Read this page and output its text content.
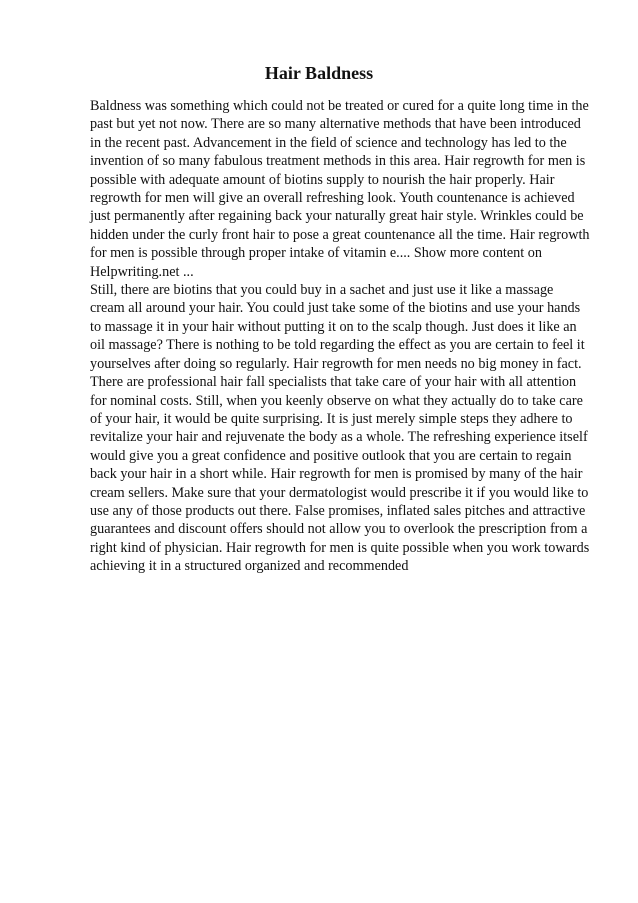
Hair Baldness

Baldness was something which could not be treated or cured for a quite long time in the past but yet not now. There are so many alternative methods that have been introduced in the recent past. Advancement in the field of science and technology has led to the invention of so many fabulous treatment methods in this area. Hair regrowth for men is possible with adequate amount of biotins supply to nourish the hair properly. Hair regrowth for men will give an overall refreshing look. Youth countenance is achieved just permanently after regaining back your naturally great hair style. Wrinkles could be hidden under the curly front hair to pose a great countenance all the time. Hair regrowth for men is possible through proper intake of vitamin e.... Show more content on Helpwriting.net ...

Still, there are biotins that you could buy in a sachet and just use it like a massage cream all around your hair. You could just take some of the biotins and use your hands to massage it in your hair without putting it on to the scalp though. Just does it like an oil massage? There is nothing to be told regarding the effect as you are certain to feel it yourselves after doing so regularly. Hair regrowth for men needs no big money in fact. There are professional hair fall specialists that take care of your hair with all attention for nominal costs. Still, when you keenly observe on what they actually do to take care of your hair, it would be quite surprising. It is just merely simple steps they adhere to revitalize your hair and rejuvenate the body as a whole. The refreshing experience itself would give you a great confidence and positive outlook that you are certain to regain back your hair in a short while. Hair regrowth for men is promised by many of the hair cream sellers. Make sure that your dermatologist would prescribe it if you would like to use any of those products out there. False promises, inflated sales pitches and attractive guarantees and discount offers should not allow you to overlook the prescription from a right kind of physician. Hair regrowth for men is quite possible when you work towards achieving it in a structured organized and recommended
